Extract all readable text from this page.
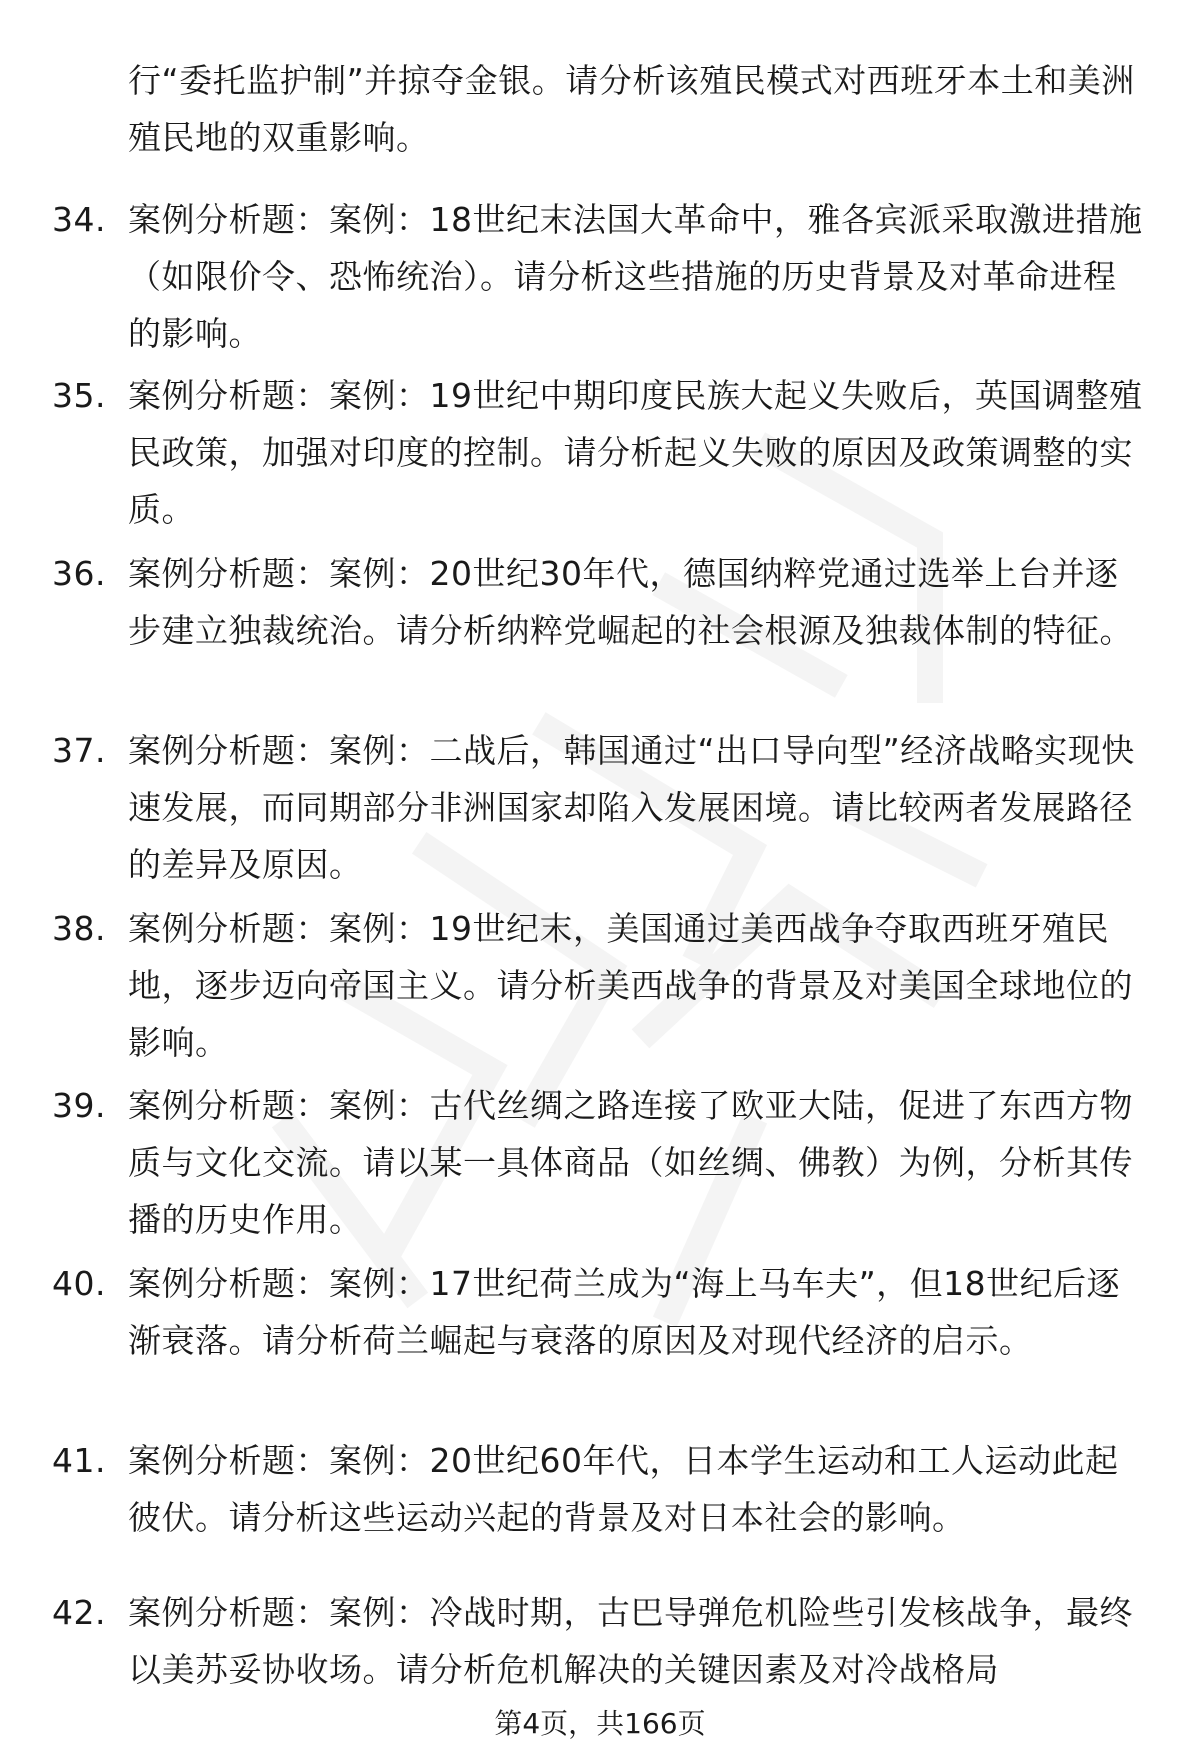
行“委托监护制”并掠夺金银。请分析该殖民模式对西班牙本土和美洲殖民地的双重影响。
34. 案例分析题：案例：18世纪末法国大革命中，雅各宾派采取激进措施（如限价令、恐怖统治）。请分析这些措施的历史背景及对革命进程的影响。
35. 案例分析题：案例：19世纪中期印度民族大起义失败后，英国调整殖民政策，加强对印度的控制。请分析起义失败的原因及政策调整的实质。
36. 案例分析题：案例：20世纪30年代，德国纳粹党通过选举上台并逐步建立独裁统治。请分析纳粹党崛起的社会根源及独裁体制的特征。
37. 案例分析题：案例：二战后，韩国通过“出口导向型”经济战略实现快速发展，而同期部分非洲国家却陷入发展困境。请比较两者发展路径的差异及原因。
38. 案例分析题：案例：19世纪末，美国通过美西战争夺取西班牙殖民地，逐步迈向帝国主义。请分析美西战争的背景及对美国全球地位的影响。
39. 案例分析题：案例：古代丝绸之路连接了欧亚大陆，促进了东西方物质与文化交流。请以某一具体商品（如丝绸、佛教）为例，分析其传播的历史作用。
40. 案例分析题：案例：17世纪荷兰成为“海上马车夫”，但18世纪后逐渐衰落。请分析荷兰崛起与衰落的原因及对现代经济的启示。
41. 案例分析题：案例：20世纪60年代，日本学生运动和工人运动此起彼伏。请分析这些运动兴起的背景及对日本社会的影响。
42. 案例分析题：案例：冷战时期，古巴导弹危机险些引发核战争，最终以美苏妥协收场。请分析危机解决的关键因素及对冷战格局
第4页，共166页
